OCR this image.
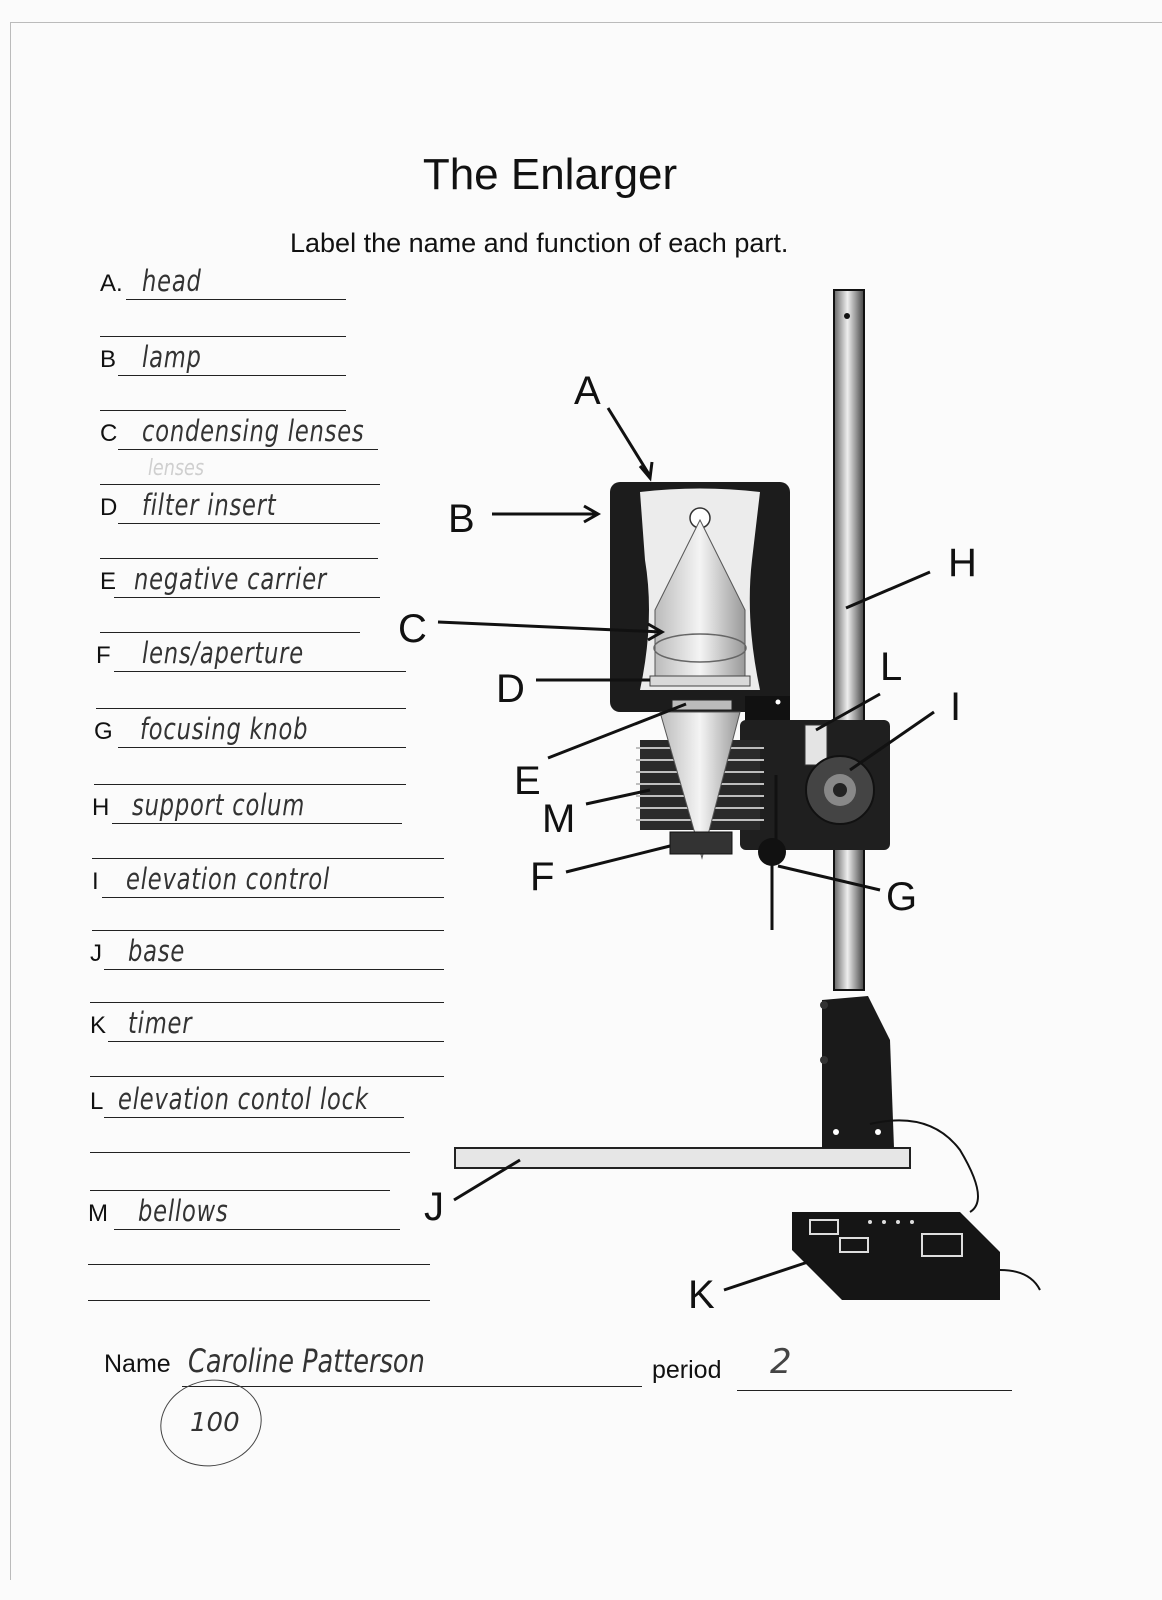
The Enlarger
Label the name and function of each part.
A. head
B lamp
C condensing lenses
lenses
D filter insert
E negative carrier
F lens/aperture
G focusing knob
H support colum
I elevation control
J base
K timer
L elevation contol lock
M bellows
A
B
C
D
E
F	G
H
I
J
K
L
M
Name Caroline Patterson	period 2
100
